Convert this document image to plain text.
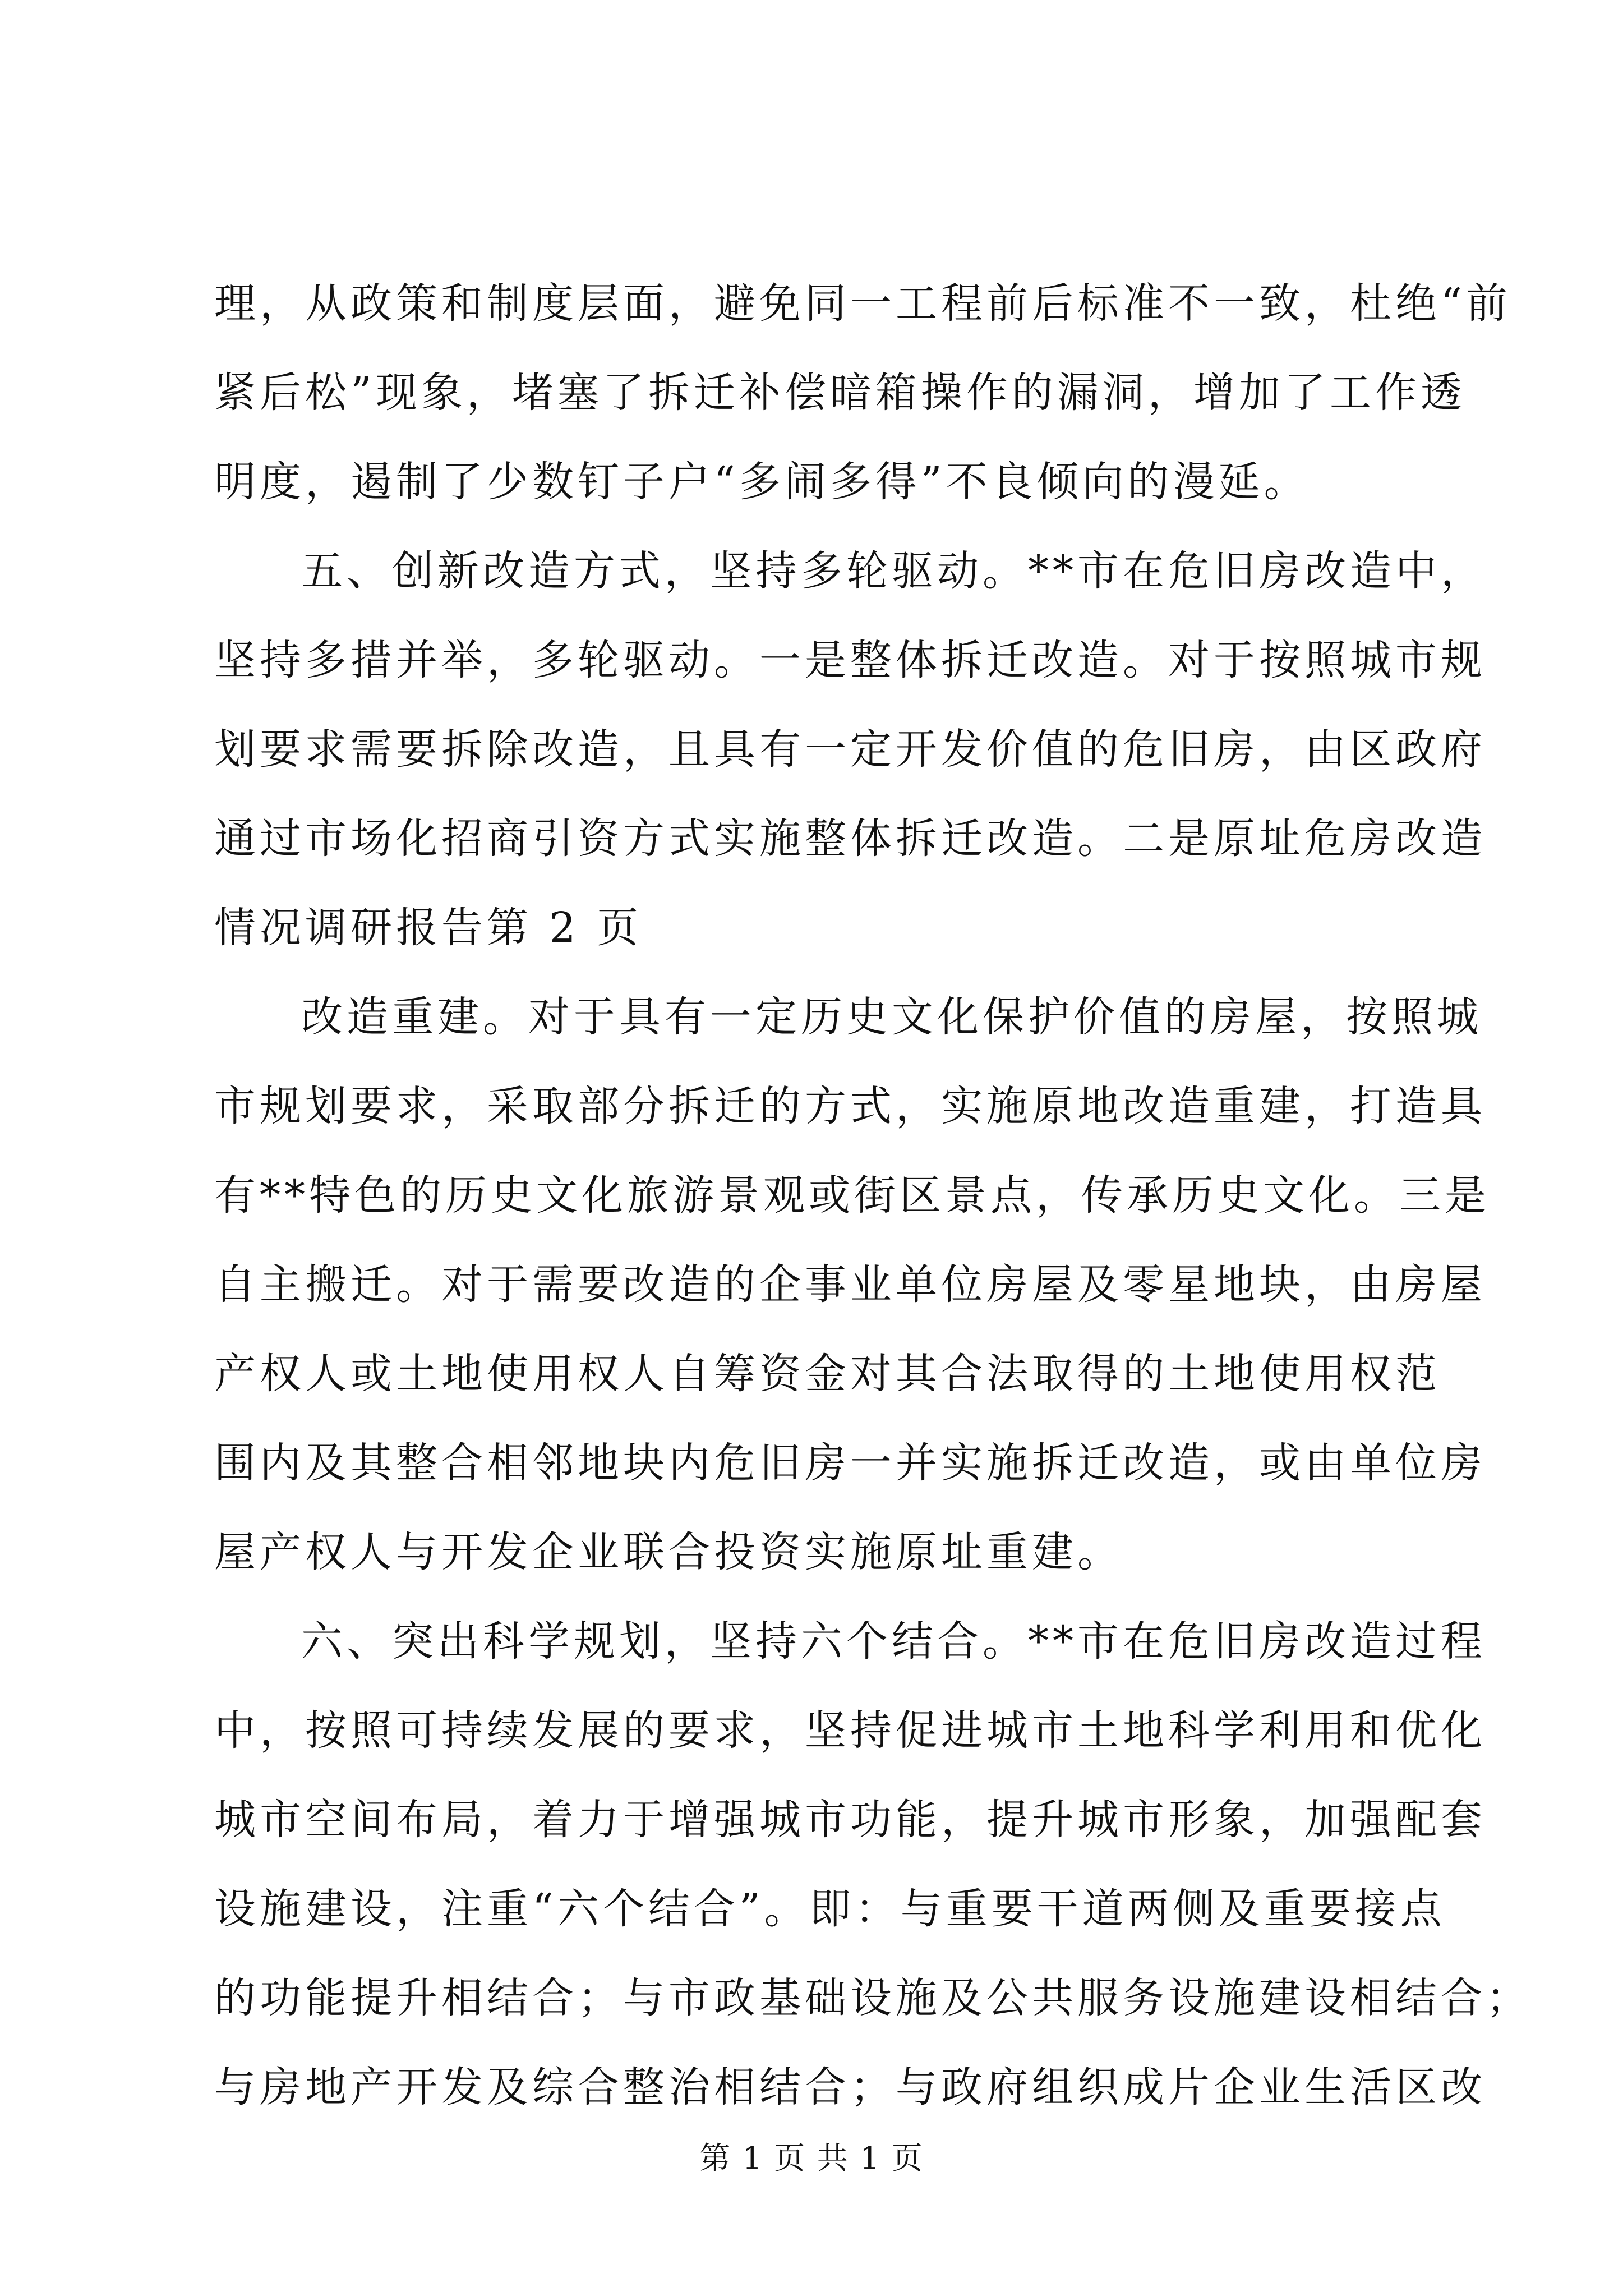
理，从政策和制度层面，避免同一工程前后标准不一致，杜绝“前
紧后松”现象，堵塞了拆迁补偿暗箱操作的漏洞，增加了工作透
明度，遏制了少数钉子户“多闹多得”不良倾向的漫延。
五、创新改造方式，坚持多轮驱动。**市在危旧房改造中，
坚持多措并举，多轮驱动。一是整体拆迁改造。对于按照城市规
划要求需要拆除改造，且具有一定开发价值的危旧房，由区政府
通过市场化招商引资方式实施整体拆迁改造。二是原址危房改造
情况调研报告第 2 页
改造重建。对于具有一定历史文化保护价值的房屋，按照城
市规划要求，采取部分拆迁的方式，实施原地改造重建，打造具
有**特色的历史文化旅游景观或街区景点，传承历史文化。三是
自主搬迁。对于需要改造的企事业单位房屋及零星地块，由房屋
产权人或土地使用权人自筹资金对其合法取得的土地使用权范
围内及其整合相邻地块内危旧房一并实施拆迁改造，或由单位房
屋产权人与开发企业联合投资实施原址重建。
六、突出科学规划，坚持六个结合。**市在危旧房改造过程
中，按照可持续发展的要求，坚持促进城市土地科学利用和优化
城市空间布局，着力于增强城市功能，提升城市形象，加强配套
设施建设，注重“六个结合”。即：与重要干道两侧及重要接点
的功能提升相结合；与市政基础设施及公共服务设施建设相结合；
与房地产开发及综合整治相结合；与政府组织成片企业生活区改
第 1 页 共 1 页
